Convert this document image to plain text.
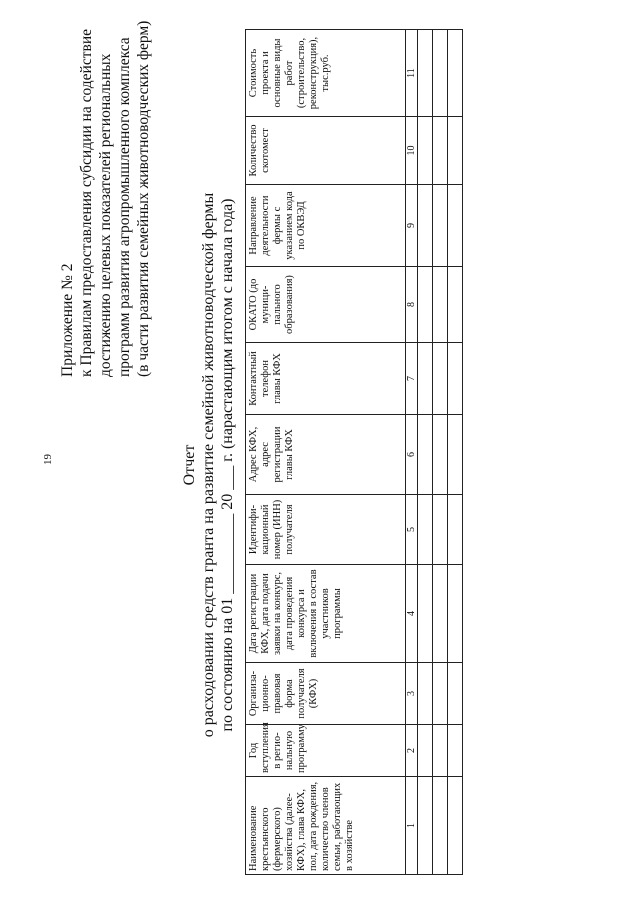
19
Приложение № 2 к Правилам предоставления субсидии на содействие достижению целевых показателей региональных программ развития агропромышленного комплекса (в части развития семейных животноводческих ферм)
Отчет о расходовании средств гранта на развитие семейной животноводческой фермы по состоянию на 01 __________ 20 ___ г. (нарастающим итогом с начала года)
Наименование крестьянского (фермерского) хозяйства (далее- КФХ), глава КФХ, пол, дата рождения, количество членов семьи, работающих в хозяйстве	Год вступления в регио-нальную программу	Организа-ционно-правовая форма получателя (КФХ)	Дата регистрации КФХ, дата подачи заявки на конкурс, дата проведения конкурса и включения в состав участников программы	Идентифи-кационный номер (ИНН) получателя	Адрес КФХ, адрес регистрации главы КФХ	Контактный телефон главы КФХ	ОКАТО (до муници-пального образования)	Направление деятельности фермы с указанием кода по ОКВЭД	Количество скотомест	Стоимость проекта и основные виды работ (строительство, реконструкция), тыс.руб.
1	2	3	4	5	6	7	8	9	10	11
